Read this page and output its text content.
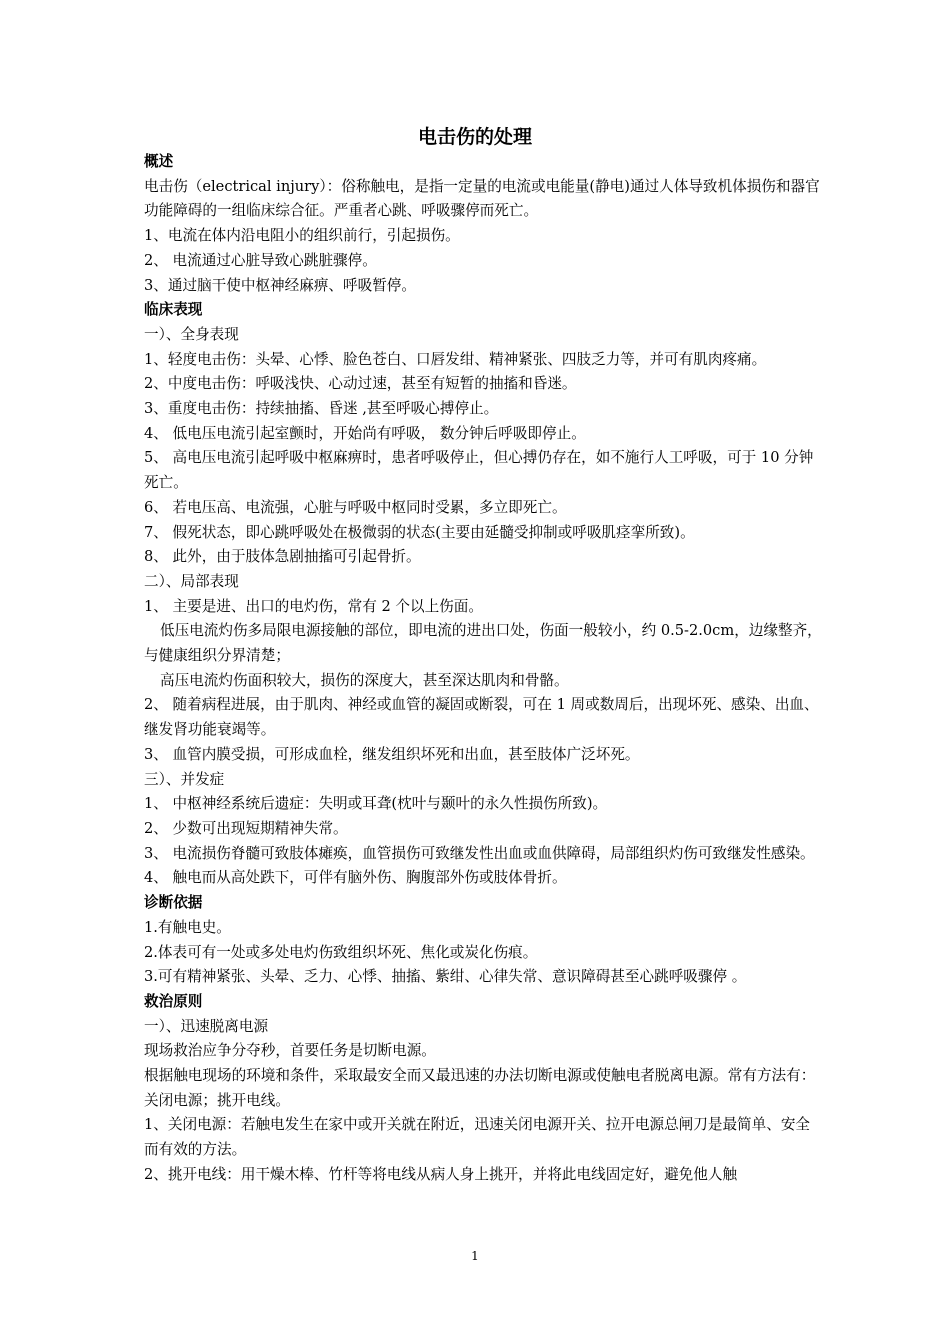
电击伤的处理
概述

电击伤（electrical injury）：俗称触电，是指一定量的电流或电能量(静电)通过人体导致机体损伤和器官功能障碍的一组临床综合征。严重者心跳、呼吸骤停而死亡。

1、电流在体内沿电阻小的组织前行，引起损伤。

2、 电流通过心脏导致心跳脏骤停。

3、通过脑干使中枢神经麻痹、呼吸暂停。

临床表现

一）、全身表现

1、轻度电击伤：头晕、心悸、脸色苍白、口唇发绀、精神紧张、四肢乏力等，并可有肌肉疼痛。

2、中度电击伤：呼吸浅快、心动过速，甚至有短暂的抽搐和昏迷。

3、重度电击伤：持续抽搐、昏迷 ,甚至呼吸心搏停止。

4、 低电压电流引起室颤时，开始尚有呼吸， 数分钟后呼吸即停止。

5、 高电压电流引起呼吸中枢麻痹时，患者呼吸停止，但心搏仍存在，如不施行人工呼吸，可于 10 分钟死亡。

6、 若电压高、电流强，心脏与呼吸中枢同时受累，多立即死亡。

7、 假死状态，即心跳呼吸处在极微弱的状态(主要由延髓受抑制或呼吸肌痉挛所致)。

8、 此外，由于肢体急剧抽搐可引起骨折。

二）、局部表现

1、 主要是进、出口的电灼伤，常有 2 个以上伤面。

低压电流灼伤多局限电源接触的部位，即电流的进出口处，伤面一般较小，约 0.5-2.0cm，边缘整齐，与健康组织分界清楚；

高压电流灼伤面积较大，损伤的深度大，甚至深达肌肉和骨骼。

2、 随着病程进展，由于肌肉、神经或血管的凝固或断裂，可在 1 周或数周后，出现坏死、感染、出血、继发肾功能衰竭等。

3、 血管内膜受损，可形成血栓，继发组织坏死和出血，甚至肢体广泛坏死。

三）、并发症

1、 中枢神经系统后遗症：失明或耳聋(枕叶与颞叶的永久性损伤所致)。

2、 少数可出现短期精神失常。

3、 电流损伤脊髓可致肢体瘫痪，血管损伤可致继发性出血或血供障碍，局部组织灼伤可致继发性感染。

4、 触电而从高处跌下，可伴有脑外伤、胸腹部外伤或肢体骨折。

诊断依据

1.有触电史。

2.体表可有一处或多处电灼伤致组织坏死、焦化或炭化伤痕。

3.可有精神紧张、头晕、乏力、心悸、抽搐、紫绀、心律失常、意识障碍甚至心跳呼吸骤停 。

救治原则

一）、迅速脱离电源

现场救治应争分夺秒，首要任务是切断电源。

根据触电现场的环境和条件，采取最安全而又最迅速的办法切断电源或使触电者脱离电源。常有方法有：关闭电源；挑开电线。

1、关闭电源：若触电发生在家中或开关就在附近，迅速关闭电源开关、拉开电源总闸刀是最简单、安全而有效的方法。

2、挑开电线：用干燥木棒、竹杆等将电线从病人身上挑开，并将此电线固定好，避免他人触

1
